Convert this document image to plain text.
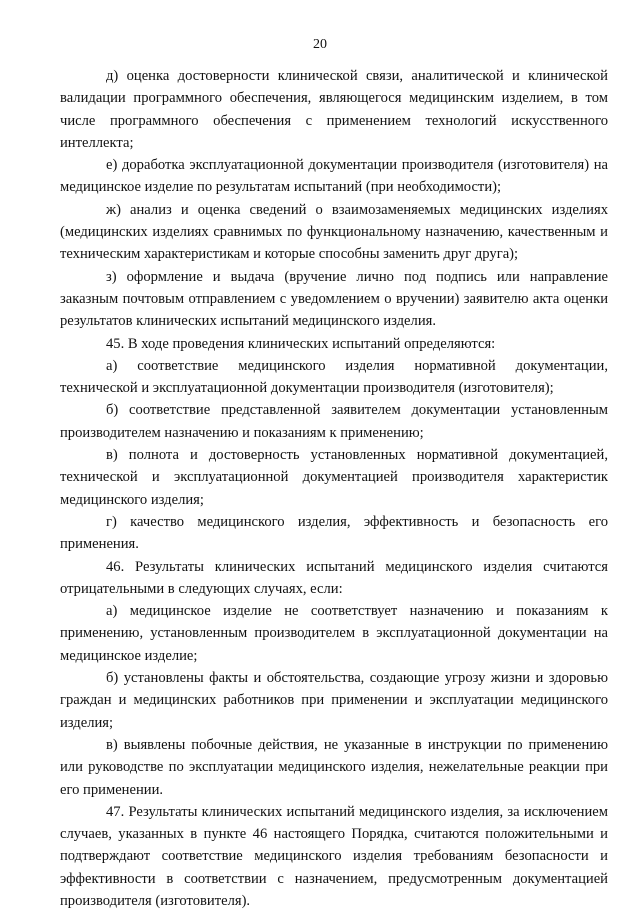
20

д) оценка достоверности клинической связи, аналитической и клинической валидации программного обеспечения, являющегося медицинским изделием, в том числе программного обеспечения с применением технологий искусственного интеллекта;

е) доработка эксплуатационной документации производителя (изготовителя) на медицинское изделие по результатам испытаний (при необходимости);

ж) анализ и оценка сведений о взаимозаменяемых медицинских изделиях (медицинских изделиях сравнимых по функциональному назначению, качественным и техническим характеристикам и которые способны заменить друг друга);

з) оформление и выдача (вручение лично под подпись или направление заказным почтовым отправлением с уведомлением о вручении) заявителю акта оценки результатов клинических испытаний медицинского изделия.

45. В ходе проведения клинических испытаний определяются:

а) соответствие медицинского изделия нормативной документации, технической и эксплуатационной документации производителя (изготовителя);

б) соответствие представленной заявителем документации установленным производителем назначению и показаниям к применению;

в) полнота и достоверность установленных нормативной документацией, технической и эксплуатационной документацией производителя характеристик медицинского изделия;

г) качество медицинского изделия, эффективность и безопасность его применения.

46. Результаты клинических испытаний медицинского изделия считаются отрицательными в следующих случаях, если:

а) медицинское изделие не соответствует назначению и показаниям к применению, установленным производителем в эксплуатационной документации на медицинское изделие;

б) установлены факты и обстоятельства, создающие угрозу жизни и здоровью граждан и медицинских работников при применении и эксплуатации медицинского изделия;

в) выявлены побочные действия, не указанные в инструкции по применению или руководстве по эксплуатации медицинского изделия, нежелательные реакции при его применении.

47. Результаты клинических испытаний медицинского изделия, за исключением случаев, указанных в пункте 46 настоящего Порядка, считаются положительными и подтверждают соответствие медицинского изделия требованиям безопасности и эффективности в соответствии с назначением, предусмотренным документацией производителя (изготовителя).
